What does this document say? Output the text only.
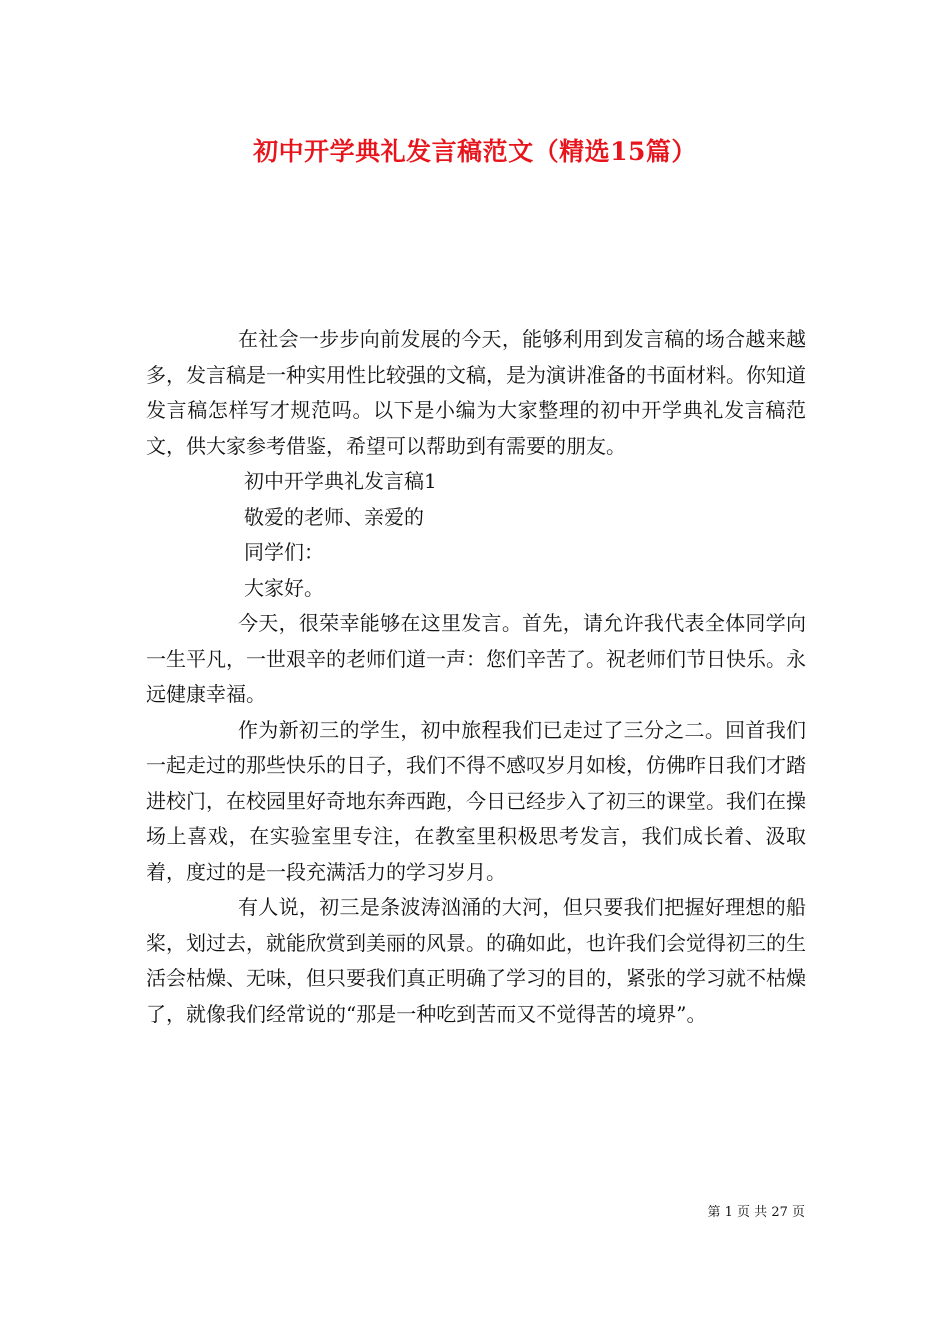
初中开学典礼发言稿范文（精选15篇）

在社会一步步向前发展的今天，能够利用到发言稿的场合越来越多，发言稿是一种实用性比较强的文稿，是为演讲准备的书面材料。你知道发言稿怎样写才规范吗。以下是小编为大家整理的初中开学典礼发言稿范文，供大家参考借鉴，希望可以帮助到有需要的朋友。

初中开学典礼发言稿1

敬爱的老师、亲爱的

同学们：

大家好。

今天，很荣幸能够在这里发言。首先，请允许我代表全体同学向一生平凡，一世艰辛的老师们道一声：您们辛苦了。祝老师们节日快乐。永远健康幸福。

作为新初三的学生，初中旅程我们已走过了三分之二。回首我们一起走过的那些快乐的日子，我们不得不感叹岁月如梭，仿佛昨日我们才踏进校门，在校园里好奇地东奔西跑，今日已经步入了初三的课堂。我们在操场上喜戏，在实验室里专注，在教室里积极思考发言，我们成长着、汲取着，度过的是一段充满活力的学习岁月。

有人说，初三是条波涛汹涌的大河，但只要我们把握好理想的船桨，划过去，就能欣赏到美丽的风景。的确如此，也许我们会觉得初三的生活会枯燥、无味，但只要我们真正明确了学习的目的，紧张的学习就不枯燥了，就像我们经常说的“那是一种吃到苦而又不觉得苦的境界”。

第 1 页 共 27 页
